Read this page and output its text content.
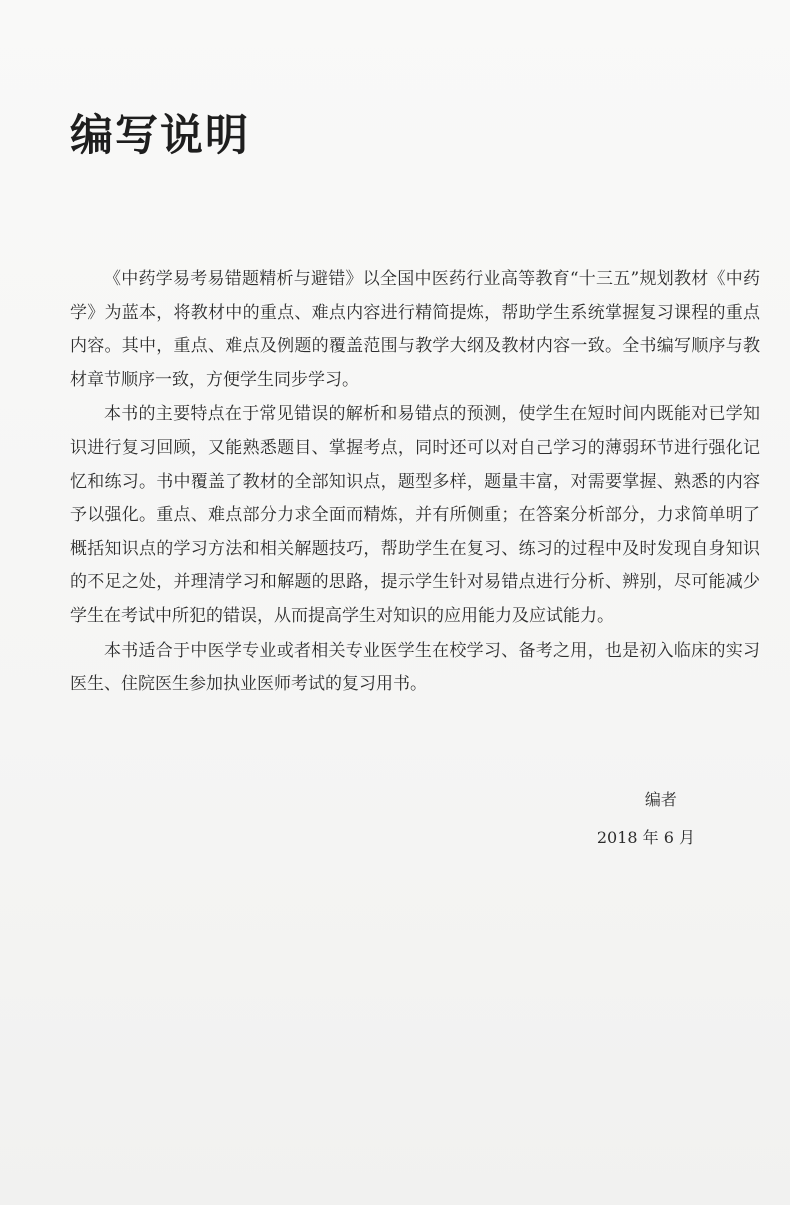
编写说明

《中药学易考易错题精析与避错》以全国中医药行业高等教育“十三五”规划教材《中药学》为蓝本，将教材中的重点、难点内容进行精简提炼，帮助学生系统掌握复习课程的重点内容。其中，重点、难点及例题的覆盖范围与教学大纲及教材内容一致。全书编写顺序与教材章节顺序一致，方便学生同步学习。

本书的主要特点在于常见错误的解析和易错点的预测，使学生在短时间内既能对已学知识进行复习回顾，又能熟悉题目、掌握考点，同时还可以对自己学习的薄弱环节进行强化记忆和练习。书中覆盖了教材的全部知识点，题型多样，题量丰富，对需要掌握、熟悉的内容予以强化。重点、难点部分力求全面而精炼，并有所侧重；在答案分析部分，力求简单明了概括知识点的学习方法和相关解题技巧，帮助学生在复习、练习的过程中及时发现自身知识的不足之处，并理清学习和解题的思路，提示学生针对易错点进行分析、辨别，尽可能减少学生在考试中所犯的错误，从而提高学生对知识的应用能力及应试能力。

本书适合于中医学专业或者相关专业医学生在校学习、备考之用，也是初入临床的实习医生、住院医生参加执业医师考试的复习用书。

编者
2018 年 6 月
